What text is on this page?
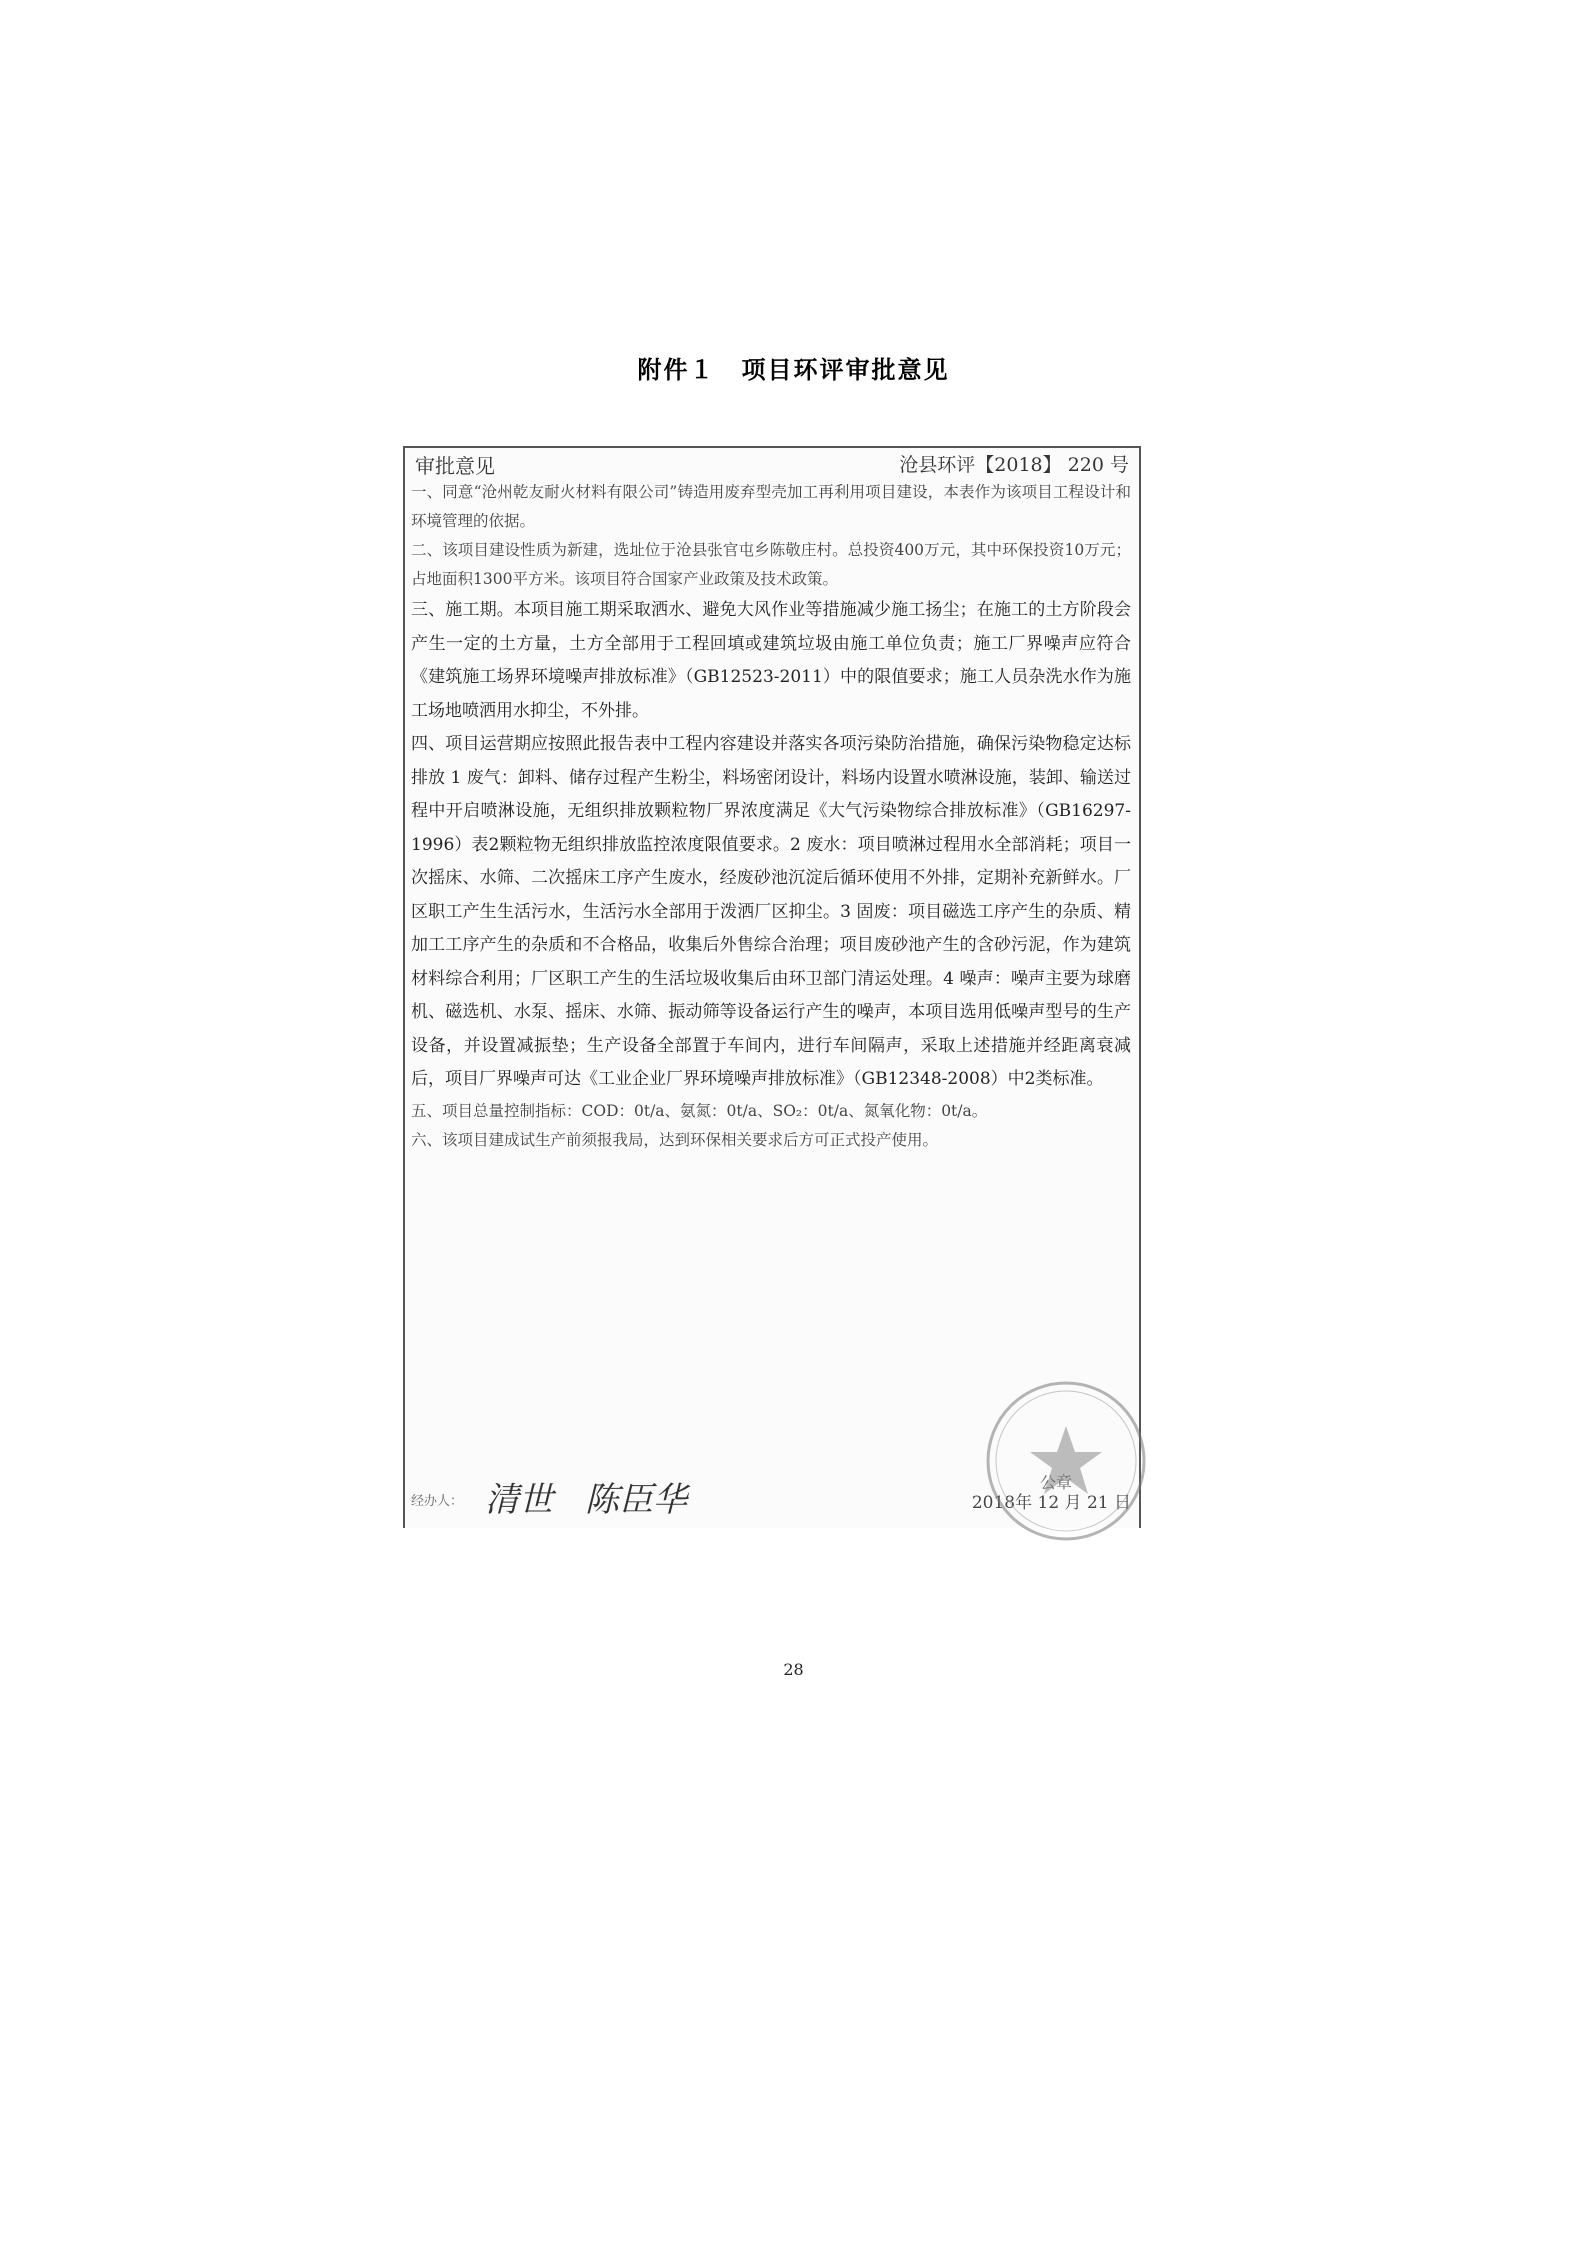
附件１　项目环评审批意见
审批意见	沧县环评【2018】 220 号

一、同意“沧州乾友耐火材料有限公司”铸造用废弃型壳加工再利用项目建设，本表作为该项目工程设计和环境管理的依据。

二、该项目建设性质为新建，选址位于沧县张官屯乡陈敬庄村。总投资400万元，其中环保投资10万元；占地面积1300平方米。该项目符合国家产业政策及技术政策。

三、施工期。本项目施工期采取洒水、避免大风作业等措施减少施工扬尘；在施工的土方阶段会产生一定的土方量，土方全部用于工程回填或建筑垃圾由施工单位负责；施工厂界噪声应符合《建筑施工场界环境噪声排放标准》（GB12523-2011）中的限值要求；施工人员杂洗水作为施工场地喷洒用水抑尘，不外排。

四、项目运营期应按照此报告表中工程内容建设并落实各项污染防治措施，确保污染物稳定达标排放 1 废气：卸料、储存过程产生粉尘，料场密闭设计，料场内设置水喷淋设施，装卸、输送过程中开启喷淋设施，无组织排放颗粒物厂界浓度满足《大气污染物综合排放标准》（GB16297-1996）表2颗粒物无组织排放监控浓度限值要求。2 废水：项目喷淋过程用水全部消耗；项目一次摇床、水筛、二次摇床工序产生废水，经废砂池沉淀后循环使用不外排，定期补充新鲜水。厂区职工产生生活污水，生活污水全部用于泼洒厂区抑尘。3 固废：项目磁选工序产生的杂质、精加工工序产生的杂质和不合格品，收集后外售综合治理；项目废砂池产生的含砂污泥，作为建筑材料综合利用；厂区职工产生的生活垃圾收集后由环卫部门清运处理。4 噪声：噪声主要为球磨机、磁选机、水泵、摇床、水筛、振动筛等设备运行产生的噪声，本项目选用低噪声型号的生产设备，并设置减振垫；生产设备全部置于车间内，进行车间隔声，采取上述措施并经距离衰减后，项目厂界噪声可达《工业企业厂界环境噪声排放标准》（GB12348-2008）中2类标准。

五、项目总量控制指标：COD：0t/a、氨氮：0t/a、SO₂：0t/a、氮氧化物：0t/a。

六、该项目建成试生产前须报我局，达到环保相关要求后方可正式投产使用。

经办人： 清世 陈臣华	2018年 12 月 21 日
公章
28
